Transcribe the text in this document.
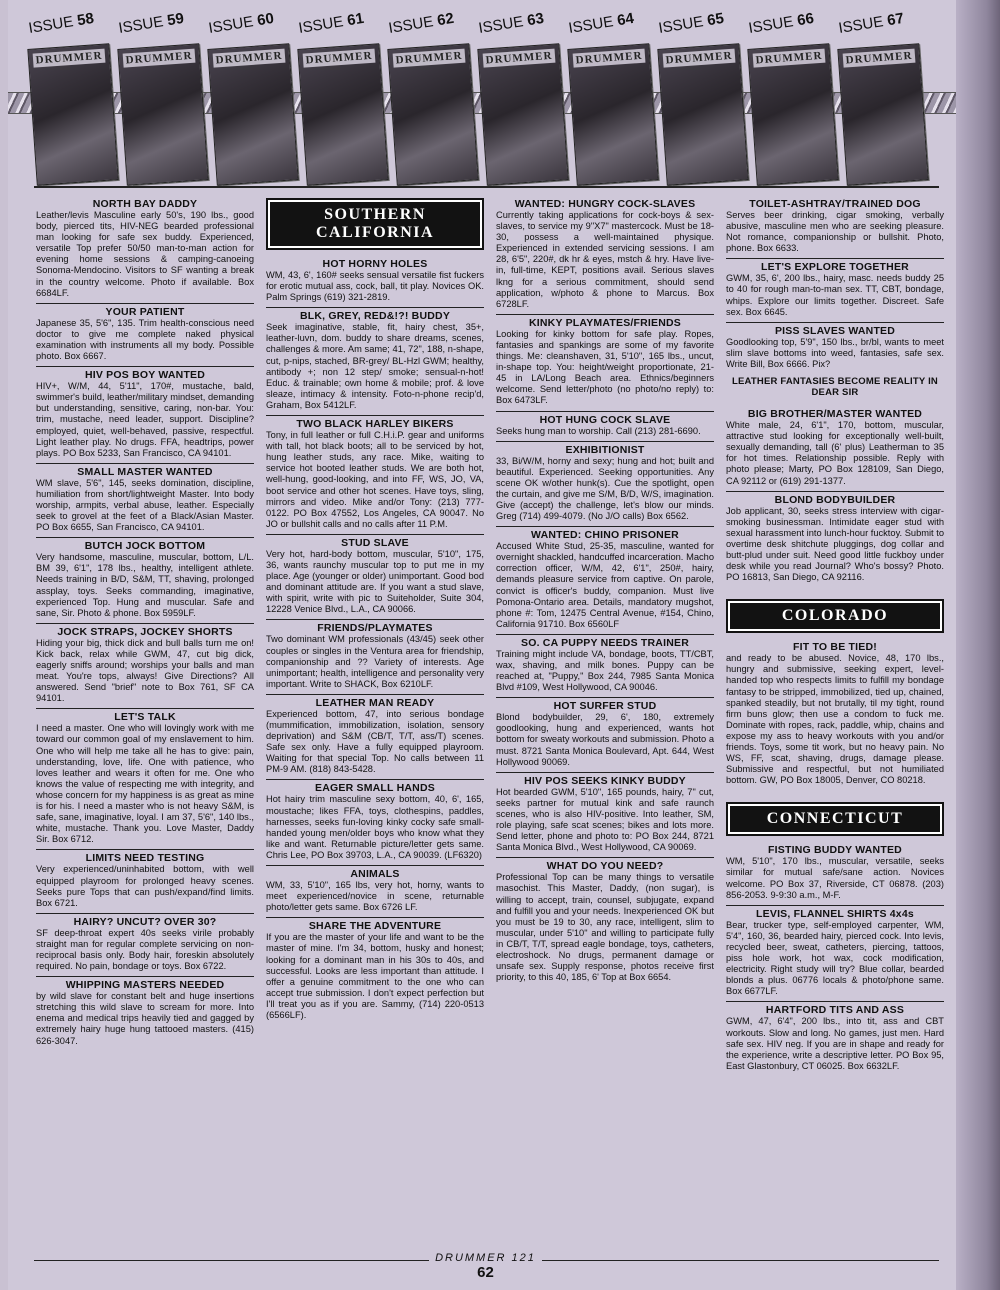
ISSUE 58
DRUMMER
ISSUE 59
DRUMMER
ISSUE 60
DRUMMER
ISSUE 61
DRUMMER
ISSUE 62
DRUMMER
ISSUE 63
DRUMMER
ISSUE 64
DRUMMER
ISSUE 65
DRUMMER
ISSUE 66
DRUMMER
ISSUE 67
DRUMMER
NORTH BAY DADDY

Leather/levis Masculine early 50's, 190 lbs., good body, pierced tits, HIV-NEG bearded professional man looking for safe sex buddy. Experienced, versatile Top prefer 50/50 man-to-man action for evening home sessions & camping-canoeing Sonoma-Mendocino. Visitors to SF wanting a break in the country welcome. Photo if available. Box 6684LF.

YOUR PATIENT

Japanese 35, 5'6", 135. Trim health-conscious need doctor to give me complete naked physical examination with instruments all my body. Possible photo. Box 6667.

HIV POS BOY WANTED

HIV+, W/M, 44, 5'11", 170#, mustache, bald, swimmer's build, leather/military mindset, demanding but understanding, sensitive, caring, non-bar. You: trim, mustache, need leader, support. Discipline? employed, quiet, well-behaved, passive, respectful. Light leather play. No drugs. FFA, headtrips, power plays. PO Box 5233, San Francisco, CA 94101.

SMALL MASTER WANTED

WM slave, 5'6", 145, seeks domination, discipline, humiliation from short/lightweight Master. Into body worship, armpits, verbal abuse, leather. Especially seek to grovel at the feet of a Black/Asian Master. PO Box 6655, San Francisco, CA 94101.

BUTCH JOCK BOTTOM

Very handsome, masculine, muscular, bottom, L/L. BM 39, 6'1", 178 lbs., healthy, intelligent athlete. Needs training in B/D, S&M, TT, shaving, prolonged assplay, toys. Seeks commanding, imaginative, experienced Top. Hung and muscular. Safe and sane, Sir. Photo & phone. Box 5959LF.

JOCK STRAPS, JOCKEY SHORTS

Hiding your big, thick dick and bull balls turn me on! Kick back, relax while GWM, 47, cut big dick, eagerly sniffs around; worships your balls and man meat. You're tops, always! Give Directions? All answered. Send "brief" note to Box 761, SF CA 94101.

LET'S TALK

I need a master. One who will lovingly work with me toward our common goal of my enslavement to him. One who will help me take all he has to give: pain, understanding, love, life. One with patience, who loves leather and wears it often for me. One who knows the value of respecting me with integrity, and whose concern for my happiness is as great as mine is for his. I need a master who is not heavy S&M, is safe, sane, imaginative, loyal. I am 37, 5'6", 140 lbs., white, mustache. Thank you. Love Master, Daddy Sir. Box 6712.

LIMITS NEED TESTING

Very experienced/uninhabited bottom, with well equipped playroom for prolonged heavy scenes. Seeks pure Tops that can push/expand/find limits. Box 6721.

HAIRY? UNCUT? OVER 30?

SF deep-throat expert 40s seeks virile probably straight man for regular complete servicing on non-reciprocal basis only. Body hair, foreskin absolutely required. No pain, bondage or toys. Box 6722.

WHIPPING MASTERS NEEDED

by wild slave for constant belt and huge insertions stretching this wild slave to scream for more. Into enema and medical trips heavily tied and gagged by extremely hairy huge hung tattooed masters. (415) 626-3047.

SOUTHERN CALIFORNIA
HOT HORNY HOLES

WM, 43, 6', 160# seeks sensual versatile fist fuckers for erotic mutual ass, cock, ball, tit play. Novices OK. Palm Springs (619) 321-2819.

BLK, GREY, RED&!?! BUDDY

Seek imaginative, stable, fit, hairy chest, 35+, leather-luvn, dom. buddy to share dreams, scenes, challenges & more. Am same; 41, 72", 188, n-shape, cut, p-nips, stached, BR-grey/ BL-Hzl GWM; healthy, antibody +; non 12 step/ smoke; sensual-n-hot! Educ. & trainable; own home & mobile; prof. & love sleaze, intimacy & intensity. Foto-n-phone recip'd, Graham, Box 5412LF.

TWO BLACK HARLEY BIKERS

Tony, in full leather or full C.H.i.P. gear and uniforms with tall, hot black boots; all to be serviced by hot, hung leather studs, any race. Mike, waiting to service hot booted leather studs. We are both hot, well-hung, good-looking, and into FF, WS, JO, VA, boot service and other hot scenes. Have toys, sling, mirrors and video. Mike and/or Tony: (213) 777-0122. PO Box 47552, Los Angeles, CA 90047. No JO or bullshit calls and no calls after 11 P.M.

STUD SLAVE

Very hot, hard-body bottom, muscular, 5'10", 175, 36, wants raunchy muscular top to put me in my place. Age (younger or older) unimportant. Good bod and dominant attitude are. If you want a stud slave, with spirit, write with pic to Suiteholder, Suite 304, 12228 Venice Blvd., L.A., CA 90066.

FRIENDS/PLAYMATES

Two dominant WM professionals (43/45) seek other couples or singles in the Ventura area for friendship, companionship and ?? Variety of interests. Age unimportant; health, intelligence and personality very important. Write to SHACK, Box 6210LF.

LEATHER MAN READY

Experienced bottom, 47, into serious bondage (mummification, immobilization, isolation, sensory deprivation) and S&M (CB/T, T/T, ass/T) scenes. Safe sex only. Have a fully equipped playroom. Waiting for that special Top. No calls between 11 PM-9 AM. (818) 843-5428.

EAGER SMALL HANDS

Hot hairy trim masculine sexy bottom, 40, 6', 165, moustache; likes FFA, toys, clothespins, paddles, harnesses, seeks fun-loving kinky cocky safe small-handed young men/older boys who know what they like and want. Returnable picture/letter gets same. Chris Lee, PO Box 39703, L.A., CA 90039. (LF6320)

ANIMALS

WM, 33, 5'10", 165 lbs, very hot, horny, wants to meet experienced/novice in scene, returnable photo/letter gets same. Box 6726 LF.

SHARE THE ADVENTURE

If you are the master of your life and want to be the master of mine. I'm 34, bottom, husky and honest; looking for a dominant man in his 30s to 40s, and successful. Looks are less important than attitude. I offer a genuine commitment to the one who can accept true submission. I don't expect perfection but I'll treat you as if you are. Sammy, (714) 220-0513 (6566LF).

WANTED: HUNGRY COCK-SLAVES

Currently taking applications for cock-boys & sex-slaves, to service my 9"X7" mastercock. Must be 18-30, possess a well-maintained physique. Experienced in extended servicing sessions. I am 28, 6'5", 220#, dk hr & eyes, mstch & hry. Have live-in, full-time, KEPT, positions avail. Serious slaves lkng for a serious commitment, should send application, w/photo & phone to Marcus. Box 6728LF.

KINKY PLAYMATES/FRIENDS

Looking for kinky bottom for safe play. Ropes, fantasies and spankings are some of my favorite things. Me: cleanshaven, 31, 5'10", 165 lbs., uncut, in-shape top. You: height/weight proportionate, 21-45 in LA/Long Beach area. Ethnics/beginners welcome. Send letter/photo (no photo/no reply) to: Box 6473LF.

HOT HUNG COCK SLAVE

Seeks hung man to worship. Call (213) 281-6690.

EXHIBITIONIST

33, Bi/W/M, horny and sexy; hung and hot; built and beautiful. Experienced. Seeking opportunities. Any scene OK w/other hunk(s). Cue the spotlight, open the curtain, and give me S/M, B/D, W/S, imagination. Give (accept) the challenge, let's blow our minds. Greg (714) 499-4079. (No J/O calls) Box 6562.

WANTED: CHINO PRISONER

Accused White Stud, 25-35, masculine, wanted for overnight shackled, handcuffed incarceration. Macho correction officer, W/M, 42, 6'1", 250#, hairy, demands pleasure service from captive. On parole, convict is officer's buddy, companion. Must live Pomona-Ontario area. Details, mandatory mugshot, phone #: Tom, 12475 Central Avenue, #154, Chino, California 91710. Box 6560LF

SO. CA PUPPY NEEDS TRAINER

Training might include VA, bondage, boots, TT/CBT, wax, shaving, and milk bones. Puppy can be reached at, "Puppy," Box 244, 7985 Santa Monica Blvd #109, West Hollywood, CA 90046.

HOT SURFER STUD

Blond bodybuilder, 29, 6', 180, extremely goodlooking, hung and experienced, wants hot bottom for sweaty workouts and submission. Photo a must. 8721 Santa Monica Boulevard, Apt. 644, West Hollywood 90069.

HIV POS SEEKS KINKY BUDDY

Hot bearded GWM, 5'10", 165 pounds, hairy, 7" cut, seeks partner for mutual kink and safe raunch scenes, who is also HIV-positive. Into leather, SM, role playing, safe scat scenes; bikes and lots more. Send letter, phone and photo to: PO Box 244, 8721 Santa Monica Blvd., West Hollywood, CA 90069.

WHAT DO YOU NEED?

Professional Top can be many things to versatile masochist. This Master, Daddy, (non sugar), is willing to accept, train, counsel, subjugate, expand and fulfill you and your needs. Inexperienced OK but you must be 19 to 30, any race, intelligent, slim to muscular, under 5'10" and willing to participate fully in CB/T, T/T, spread eagle bondage, toys, catheters, electroshock. No drugs, permanent damage or unsafe sex. Supply response, photos receive first priority, to this 40, 185, 6' Top at Box 6654.

TOILET-ASHTRAY/TRAINED DOG

Serves beer drinking, cigar smoking, verbally abusive, masculine men who are seeking pleasure. Not romance, companionship or bullshit. Photo, phone. Box 6633.

LET'S EXPLORE TOGETHER

GWM, 35, 6', 200 lbs., hairy, masc. needs buddy 25 to 40 for rough man-to-man sex. TT, CBT, bondage, whips. Explore our limits together. Discreet. Safe sex. Box 6645.

PISS SLAVES WANTED

Goodlooking top, 5'9", 150 lbs., br/bl, wants to meet slim slave bottoms into weed, fantasies, safe sex. Write Bill, Box 6666. Pix?

LEATHER FANTASIES BECOME REALITY IN DEAR SIR
BIG BROTHER/MASTER WANTED

White male, 24, 6'1", 170, bottom, muscular, attractive stud looking for exceptionally well-built, sexually demanding, tall (6' plus) Leatherman to 35 for hot times. Relationship possible. Reply with photo please; Marty, PO Box 128109, San Diego, CA 92112 or (619) 291-1377.

BLOND BODYBUILDER

Job applicant, 30, seeks stress interview with cigar-smoking businessman. Intimidate eager stud with sexual harassment into lunch-hour fucktoy. Submit to overtime desk shitchute pluggings, dog collar and butt-plud under suit. Need good little fuckboy under desk while you read Journal? Who's bossy? Photo. PO 16813, San Diego, CA 92116.

COLORADO
FIT TO BE TIED!

and ready to be abused. Novice, 48, 170 lbs., hungry and submissive, seeking expert, level-handed top who respects limits to fulfill my bondage fantasy to be stripped, immobilized, tied up, chained, spanked steadily, but not brutally, til my tight, round firm buns glow; then use a condom to fuck me. Dominate with ropes, rack, paddle, whip, chains and expose my ass to heavy workouts with you and/or friends. Toys, some tit work, but no heavy pain. No WS, FF, scat, shaving, drugs, damage please. Submissive and respectful, but not humiliated bottom. GW, PO Box 18005, Denver, CO 80218.

CONNECTICUT
FISTING BUDDY WANTED

WM, 5'10", 170 lbs., muscular, versatile, seeks similar for mutual safe/sane action. Novices welcome. PO Box 37, Riverside, CT 06878. (203) 856-2053. 9-9:30 a.m., M-F.

LEVIS, FLANNEL SHIRTS 4x4s

Bear, trucker type, self-employed carpenter, WM, 5'4", 160, 36, bearded hairy, pierced cock. Into levis, recycled beer, sweat, catheters, piercing, tattoos, piss hole work, hot wax, cock modification, electricity. Right study will try? Blue collar, bearded blonds a plus. 06776 locals & photo/phone same. Box 6677LF.

HARTFORD TITS AND ASS

GWM, 47, 6'4", 200 lbs., into tit, ass and CBT workouts. Slow and long. No games, just men. Hard safe sex. HIV neg. If you are in shape and ready for the experience, write a descriptive letter. PO Box 95, East Glastonbury, CT 06025. Box 6632LF.

DRUMMER 121
62
